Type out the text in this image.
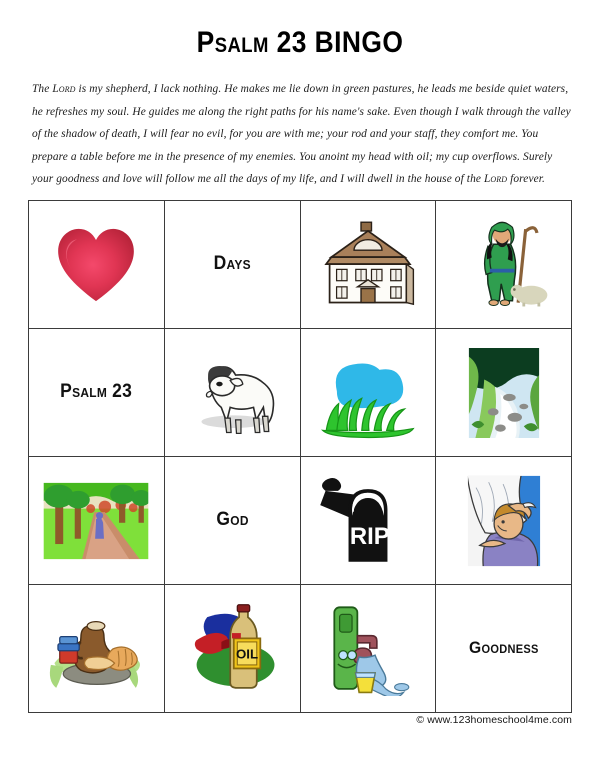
Psalm 23 BINGO
The Lord is my shepherd, I lack nothing. He makes me lie down in green pastures, he leads me beside quiet waters, he refreshes my soul. He guides me along the right paths for his name's sake. Even though I walk through the valley of the shadow of death, I will fear no evil, for you are with me; your rod and your staff, they comfort me. You prepare a table before me in the presence of my enemies. You anoint my head with oil; my cup overflows. Surely your goodness and love will follow me all the days of my life, and I will dwell in the house of the Lord forever.
Days
Psalm 23
God
RIP
OIL	Goodness
© www.123homeschool4me.com
